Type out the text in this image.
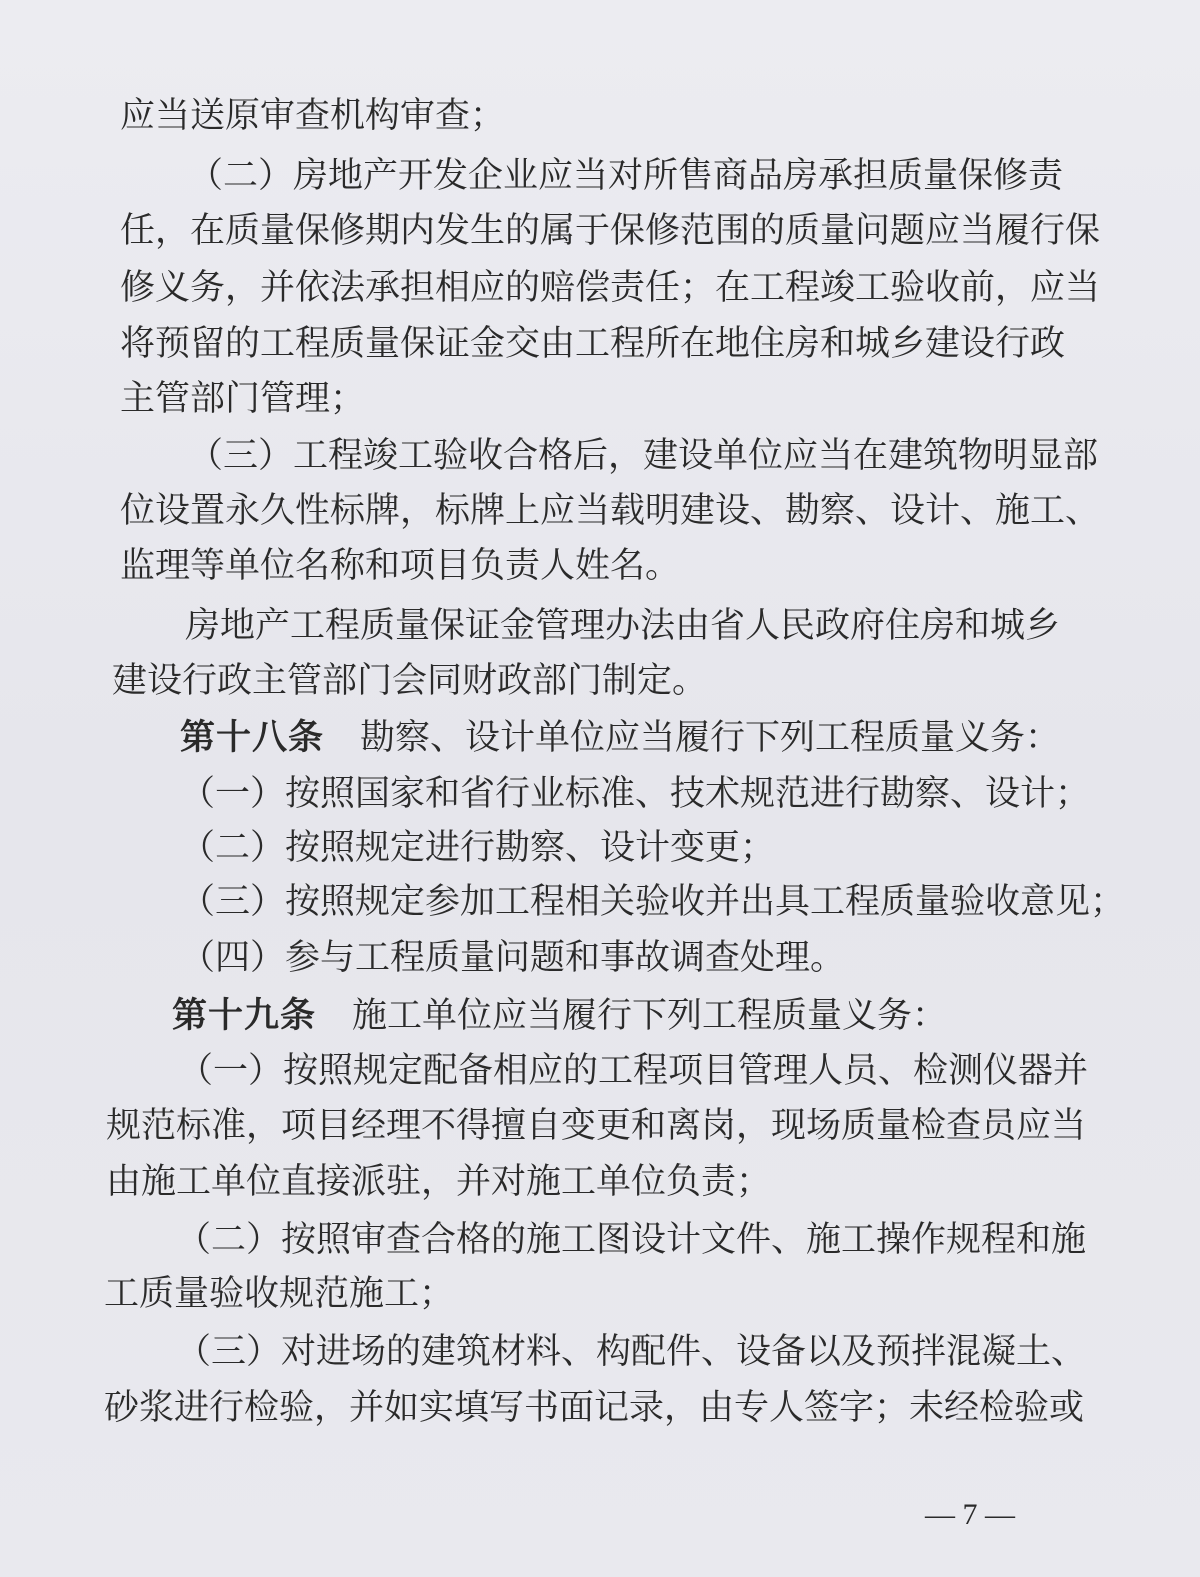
应当送原审查机构审查；
（二）房地产开发企业应当对所售商品房承担质量保修责
任，在质量保修期内发生的属于保修范围的质量问题应当履行保
修义务，并依法承担相应的赔偿责任；在工程竣工验收前，应当
将预留的工程质量保证金交由工程所在地住房和城乡建设行政
主管部门管理；
（三）工程竣工验收合格后，建设单位应当在建筑物明显部
位设置永久性标牌，标牌上应当载明建设、勘察、设计、施工、
监理等单位名称和项目负责人姓名。
房地产工程质量保证金管理办法由省人民政府住房和城乡
建设行政主管部门会同财政部门制定。
第十八条 勘察、设计单位应当履行下列工程质量义务：
（一）按照国家和省行业标准、技术规范进行勘察、设计；
（二）按照规定进行勘察、设计变更；
（三）按照规定参加工程相关验收并出具工程质量验收意见；
（四）参与工程质量问题和事故调查处理。
第十九条 施工单位应当履行下列工程质量义务：
（一）按照规定配备相应的工程项目管理人员、检测仪器并
规范标准，项目经理不得擅自变更和离岗，现场质量检查员应当
由施工单位直接派驻，并对施工单位负责；
（二）按照审查合格的施工图设计文件、施工操作规程和施
工质量验收规范施工；
（三）对进场的建筑材料、构配件、设备以及预拌混凝土、
砂浆进行检验，并如实填写书面记录，由专人签字；未经检验或
— 7 —
